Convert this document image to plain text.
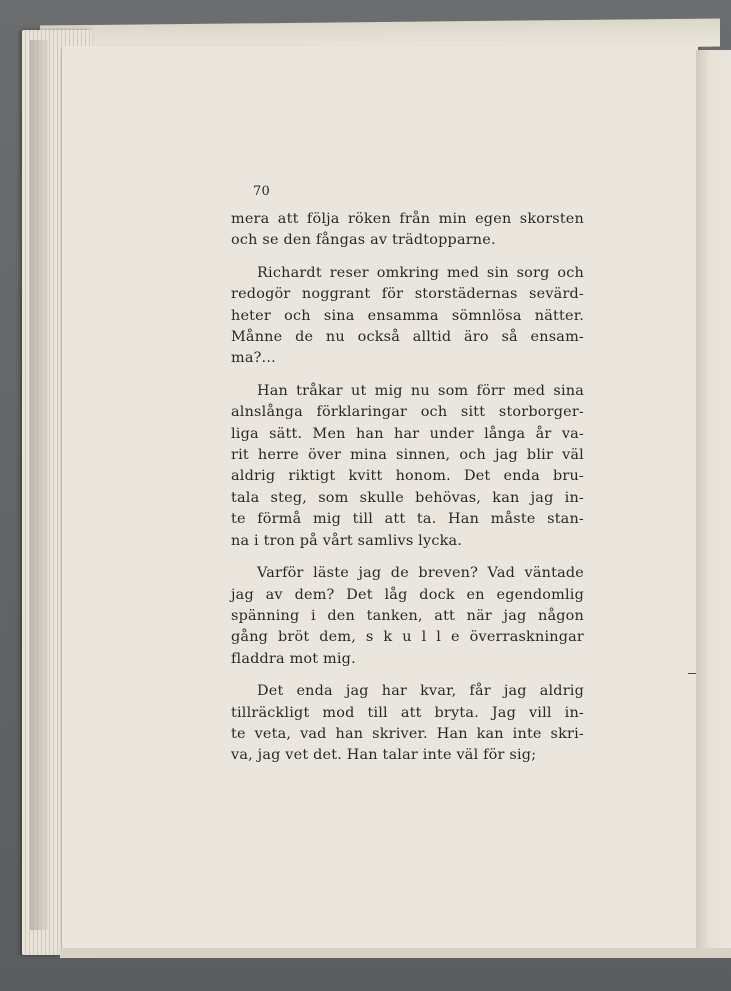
70
mera att följa röken från min egen skorsten
och se den fångas av trädtopparne.
Richardt reser omkring med sin sorg och
redogör noggrant för storstädernas sevärd-
heter och sina ensamma sömnlösa nätter.
Månne de nu också alltid äro så ensam-
ma?...
Han tråkar ut mig nu som förr med sina
alnslånga förklaringar och sitt storborger-
liga sätt. Men han har under långa år va-
rit herre över mina sinnen, och jag blir väl
aldrig riktigt kvitt honom. Det enda bru-
tala steg, som skulle behövas, kan jag in-
te förmå mig till att ta. Han måste stan-
na i tron på vårt samlivs lycka.
Varför läste jag de breven? Vad väntade
jag av dem? Det låg dock en egendomlig
spänning i den tanken, att när jag någon
gång bröt dem, s k u l l e överraskningar
fladdra mot mig.
Det enda jag har kvar, får jag aldrig
tillräckligt mod till att bryta. Jag vill in-
te veta, vad han skriver. Han kan inte skri-
va, jag vet det. Han talar inte väl för sig;
